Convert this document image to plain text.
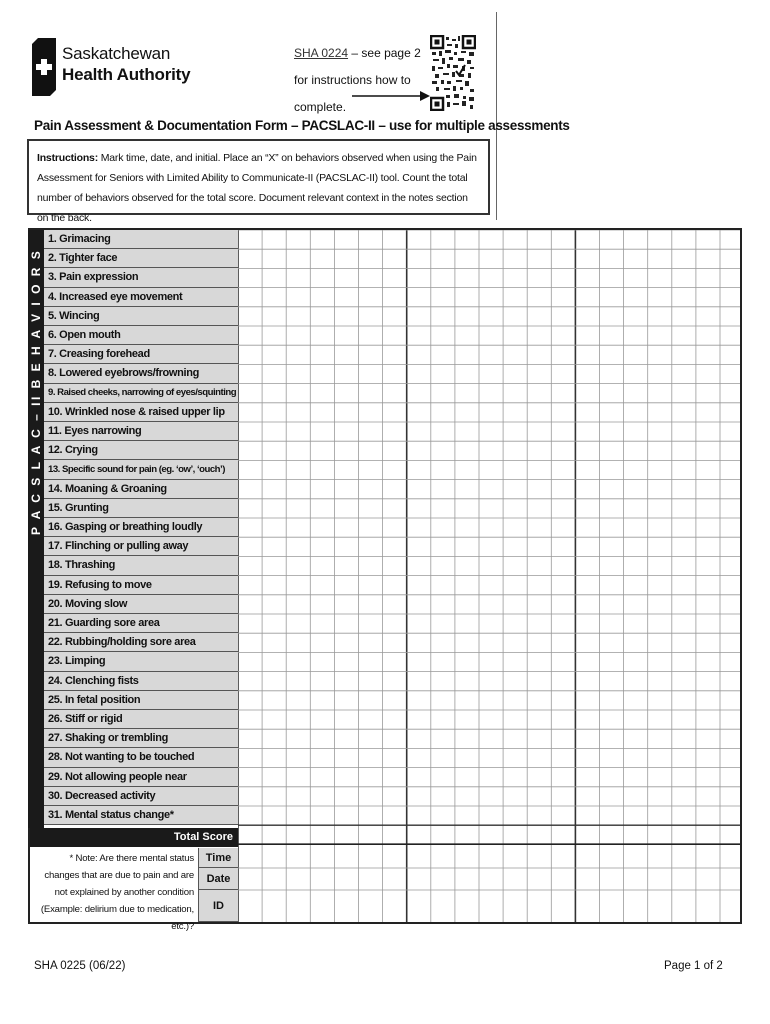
Saskatchewan
Health Authority
SHA 0224 – see page 2
for instructions how to
complete.
Pain Assessment & Documentation Form – PACSLAC-II – use for multiple assessments
Instructions: Mark time, date, and initial. Place an “X” on behaviors observed when using the Pain Assessment for Seniors with Limited Ability to Communicate-II (PACSLAC-II) tool. Count the total number of behaviors observed for the total score. Document relevant context in the notes section on the back.
1. Grimacing
2. Tighter face
3. Pain expression
4. Increased eye movement
5. Wincing
6. Open mouth
7. Creasing forehead
8. Lowered eyebrows/frowning
9. Raised cheeks, narrowing of eyes/squinting
10. Wrinkled nose & raised upper lip
11. Eyes narrowing
12. Crying
13. Specific sound for pain (eg. ‘ow’, ‘ouch’)
14. Moaning & Groaning
15. Grunting
16. Gasping or breathing loudly
17. Flinching or pulling away
18. Thrashing
19. Refusing to move
20. Moving slow
21. Guarding sore area
22. Rubbing/holding sore area
23. Limping
24. Clenching fists
25. In fetal position
26. Stiff or rigid
27. Shaking or trembling
28. Not wanting to be touched
29. Not allowing people near
30. Decreased activity
31. Mental status change*
Total Score
* Note: Are there mental status changes that are due to pain and are not explained by another condition (Example: delirium due to medication, etc.)?
Time
Date
ID
SHA 0225 (06/22)	Page 1 of 2
